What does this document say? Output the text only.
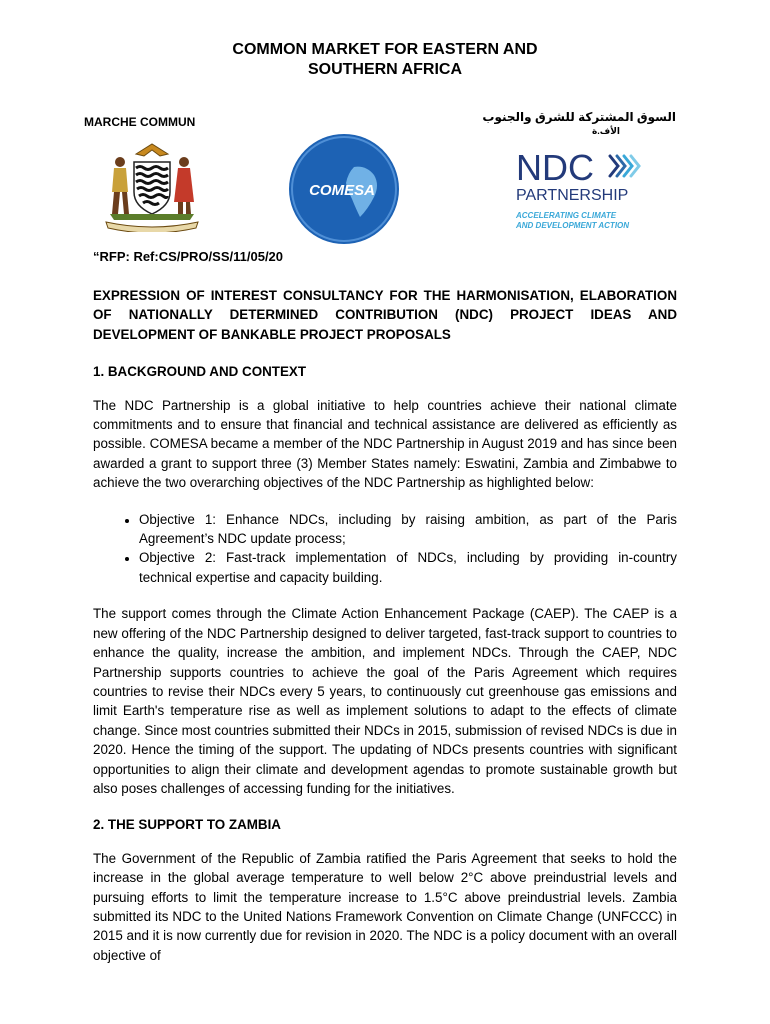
COMMON MARKET FOR EASTERN AND
SOUTHERN AFRICA
MARCHE COMMUN	السوق المشتركة للشرق والجنوب
الأف.ة
COMESA
NDC
PARTNERSHIP
ACCELERATING CLIMATE
AND DEVELOPMENT ACTION
“RFP: Ref:CS/PRO/SS/11/05/20

EXPRESSION OF INTEREST CONSULTANCY FOR THE HARMONISATION, ELABORATION OF NATIONALLY DETERMINED CONTRIBUTION (NDC) PROJECT IDEAS AND DEVELOPMENT OF BANKABLE PROJECT PROPOSALS

1. BACKGROUND AND CONTEXT

The NDC Partnership is a global initiative to help countries achieve their national climate commitments and to ensure that financial and technical assistance are delivered as efficiently as possible. COMESA became a member of the NDC Partnership in August 2019 and has since been awarded a grant to support three (3) Member States namely: Eswatini, Zambia and Zimbabwe to achieve the two overarching objectives of the NDC Partnership as highlighted below:

• Objective 1: Enhance NDCs, including by raising ambition, as part of the Paris Agreement’s NDC update process;
• Objective 2: Fast-track implementation of NDCs, including by providing in-country technical expertise and capacity building.

The support comes through the Climate Action Enhancement Package (CAEP). The CAEP is a new offering of the NDC Partnership designed to deliver targeted, fast-track support to countries to enhance the quality, increase the ambition, and implement NDCs. Through the CAEP, NDC Partnership supports countries to achieve the goal of the Paris Agreement which requires countries to revise their NDCs every 5 years, to continuously cut greenhouse gas emissions and limit Earth's temperature rise as well as implement solutions to adapt to the effects of climate change. Since most countries submitted their NDCs in 2015, submission of revised NDCs is due in 2020. Hence the timing of the support. The updating of NDCs presents countries with significant opportunities to align their climate and development agendas to promote sustainable growth but also poses challenges of accessing funding for the initiatives.

2. THE SUPPORT TO ZAMBIA

The Government of the Republic of Zambia ratified the Paris Agreement that seeks to hold the increase in the global average temperature to well below 2°C above preindustrial levels and pursuing efforts to limit the temperature increase to 1.5°C above preindustrial levels. Zambia submitted its NDC to the United Nations Framework Convention on Climate Change (UNFCCC) in 2015 and it is now currently due for revision in 2020. The NDC is a policy document with an overall objective of
